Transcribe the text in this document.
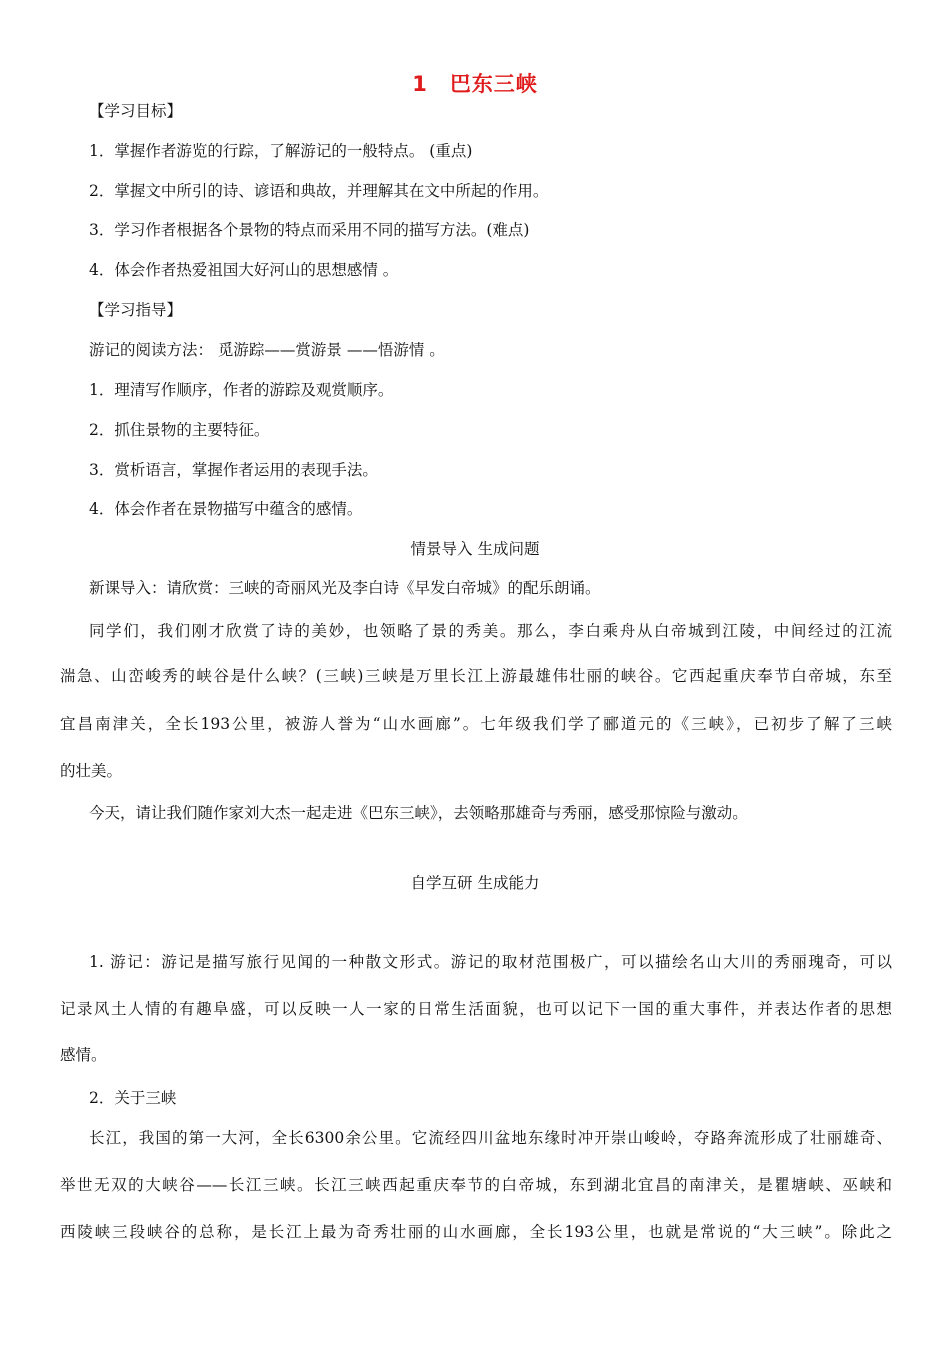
1 巴东三峡
【学习目标】
1．掌握作者游览的行踪，了解游记的一般特点。 (重点)
2．掌握文中所引的诗、谚语和典故，并理解其在文中所起的作用。
3．学习作者根据各个景物的特点而采用不同的描写方法。(难点)
4．体会作者热爱祖国大好河山的思想感情 。
【学习指导】
游记的阅读方法： 觅游踪——赏游景 ——悟游情 。
1．理清写作顺序，作者的游踪及观赏顺序。
2．抓住景物的主要特征。
3．赏析语言，掌握作者运用的表现手法。
4．体会作者在景物描写中蕴含的感情。
情景导入 生成问题
新课导入：请欣赏：三峡的奇丽风光及李白诗《早发白帝城》的配乐朗诵。
同学们，我们刚才欣赏了诗的美妙，也领略了景的秀美。那么，李白乘舟从白帝城到江陵，中间经过的江流
湍急、山峦峻秀的峡谷是什么峡？(三峡)三峡是万里长江上游最雄伟壮丽的峡谷。它西起重庆奉节白帝城，东至
宜昌南津关，全长193公里，被游人誉为“山水画廊”。七年级我们学了郦道元的《三峡》，已初步了解了三峡
的壮美。
今天，请让我们随作家刘大杰一起走进《巴东三峡》，去领略那雄奇与秀丽，感受那惊险与激动。
自学互研 生成能力
1. 游记：游记是描写旅行见闻的一种散文形式。游记的取材范围极广，可以描绘名山大川的秀丽瑰奇，可以
记录风土人情的有趣阜盛，可以反映一人一家的日常生活面貌，也可以记下一国的重大事件，并表达作者的思想
感情。
2．关于三峡
长江，我国的第一大河，全长6300余公里。它流经四川盆地东缘时冲开崇山峻岭，夺路奔流形成了壮丽雄奇、
举世无双的大峡谷——长江三峡。长江三峡西起重庆奉节的白帝城，东到湖北宜昌的南津关，是瞿塘峡、巫峡和
西陵峡三段峡谷的总称，是长江上最为奇秀壮丽的山水画廊，全长193公里，也就是常说的“大三峡”。除此之
